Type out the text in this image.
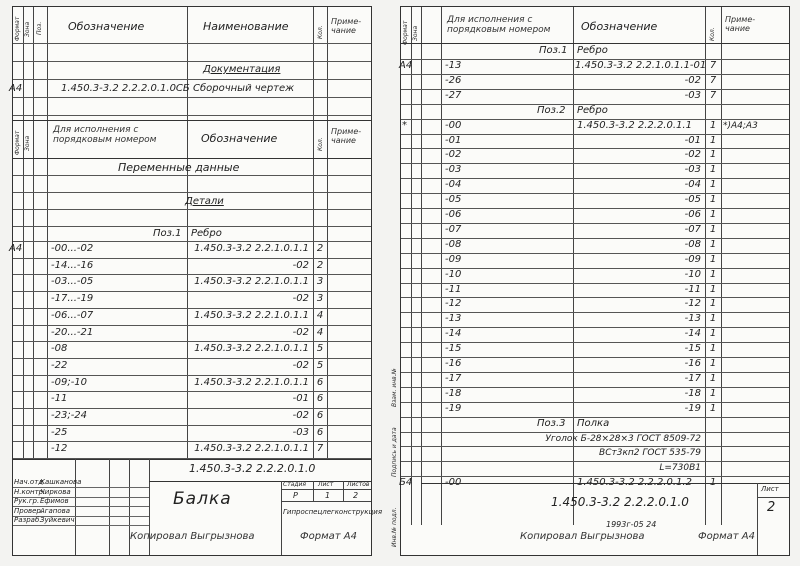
Формат Зона Поз. Обозначение	Наименование	Кол.
Приме-чание
Документация
А4	1.450.3-3.2 2.2.2.0.1.0СБ Сборочный чертеж
Формат Зона
Для исполнения с порядковым номером	Обозначение	Кол.
Приме-чание
Переменные данные
Детали
Поз.1 Ребро
А4	-00...-02	1.450.3-3.2 2.2.1.0.1.1 2
-14...-16	-02 2
-03...-05	1.450.3-3.2 2.2.1.0.1.1 3
-17...-19	-02 3
-06...-07	1.450.3-3.2 2.2.1.0.1.1 4
-20...-21	-02 4
-08	1.450.3-3.2 2.2.1.0.1.1 5
-22	-02 5
-09;-10	1.450.3-3.2 2.2.1.0.1.1 6
-11	-01 6
-23;-24	-02 6
-25	-03 6
-12	1.450.3-3.2 2.2.1.0.1.1 7
1.450.3-3.2 2.2.2.0.1.0
Балка
Стадия Лист Листов
Р	1	2
Гипроспецлегконструкция
Нач.отд.
Кашканова
Н.контр.
Чиркова
Рук.гр. Ефимов
Провер.
Агапова
Разраб.
Зуйкевич
Копировал Выгрызнова	Формат А4
Формат Зона
Для исполнения с порядковым номером	Обозначение
Кол.
Приме-чание
Поз.1 Ребро
А4	-13	1.450.3-3.2 2.2.1.0.1.1-01 7
-26	-02 7
-27	-03 7
Поз.2 Ребро
*	-00	1.450.3-3.2 2.2.2.0.1.1	1 *)А4;А3
-01	-01 1
-02	-02 1
-03	-03 1
-04	-04 1
-05	-05 1
-06	-06 1
-07	-07 1
-08	-08 1
-09	-09 1
-10	-10 1
-11	-11 1
-12	-12 1
-13	-13 1
-14	-14 1
-15	-15 1
-16	-16 1
-17	-17 1
-18	-18 1
-19	-19 1
Поз.3 Полка
Уголок Б-28×28×3 ГОСТ 8509-72
ВСт3кп2 ГОСТ 535-79
L=730В1
Б4	-00	1.450.3-3.2 2.2.2.0.1.2	1
1.450.3-3.2 2.2.2.0.1.0
Лист
2
1993г-05 24
Инв.№ подл.
Подпись и дата
Взам. инв.№
Копировал Выгрызнова	Формат А4
